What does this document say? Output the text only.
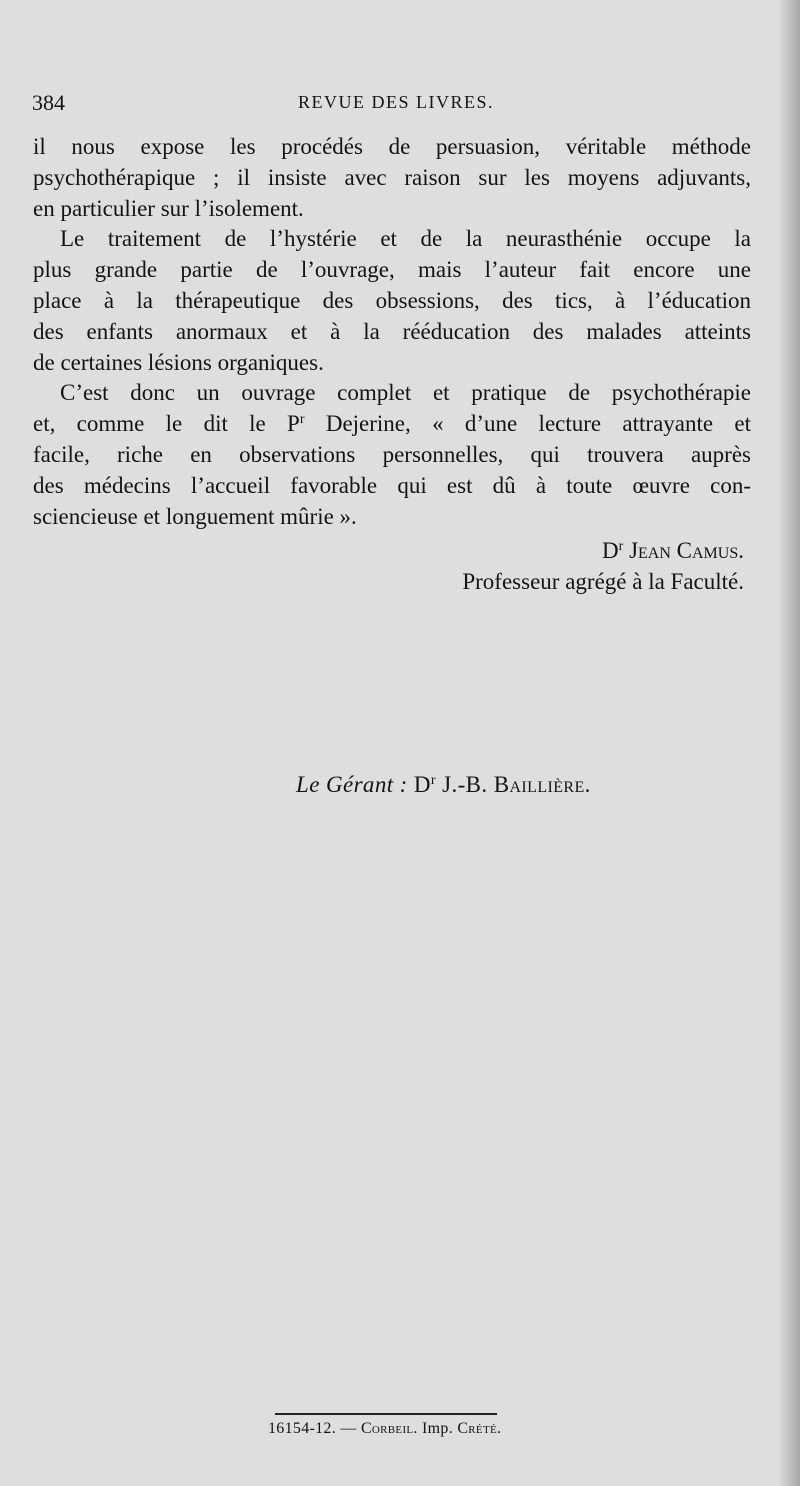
384	REVUE DES LIVRES.

il nous expose les procédés de persuasion, véritable méthode
psychothérapique ; il insiste avec raison sur les moyens adjuvants,
en particulier sur l’isolement.

Le traitement de l’hystérie et de la neurasthénie occupe la
plus grande partie de l’ouvrage, mais l’auteur fait encore une
place à la thérapeutique des obsessions, des tics, à l’éducation
des enfants anormaux et à la rééducation des malades atteints
de certaines lésions organiques.

C’est donc un ouvrage complet et pratique de psychothérapie
et, comme le dit le $P^r$ Dejerine, « d’une lecture attrayante et
facile, riche en observations personnelles, qui trouvera auprès
des médecins l’accueil favorable qui est dû à toute œuvre con-
sciencieuse et longuement mûrie ».

$D^r$ Jean Camus.
Professeur agrégé à la Faculté.
Le Gérant : $D^r$ J.-B. Baillière.
16154-12. — Corbeil. Imp. Crété.
